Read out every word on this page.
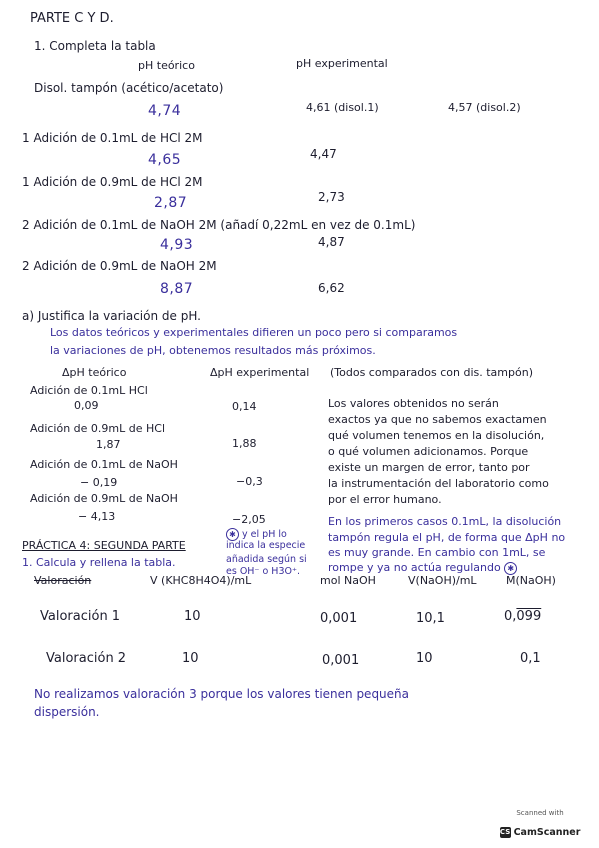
PARTE C Y D.
1. Completa la tabla
pH teórico	pH experimental
Disol. tampón (acético/acetato)
4,74	4,61 (disol.1)	4,57 (disol.2)
1 Adición de 0.1mL de HCl 2M
4,65	4,47
1 Adición de 0.9mL de HCl 2M
2,87	2,73
2 Adición de 0.1mL de NaOH 2M (añadí 0,22mL en vez de 0.1mL)
4,93	4,87
2 Adición de 0.9mL de NaOH 2M
8,87	6,62
a) Justifica la variación de pH.
Los datos teóricos y experimentales difieren un poco pero si comparamos
la variaciones de pH, obtenemos resultados más próximos.
ΔpH teórico	ΔpH experimental (Todos comparados con dis. tampón)
Adición de 0.1mL HCl
0,09	0,14
Adición de 0.9mL de HCl
1,87	1,88
Adición de 0.1mL de NaOH
− 0,19	−0,3
Adición de 0.9mL de NaOH
− 4,13	−2,05
Los valores obtenidos no serán
exactos ya que no sabemos exactamen
qué volumen tenemos en la disolución,
o qué volumen adicionamos. Porque
existe un margen de error, tanto por
la instrumentación del laboratorio como
por el error humano.
En los primeros casos 0.1mL, la disolución
tampón regula el pH, de forma que ΔpH no
es muy grande. En cambio con 1mL, se
rompe y ya no actúa regulando ✱
✱ y el pH lo
indica la especie
añadida según si
es OH⁻ o H3O⁺.
PRÁCTICA 4: SEGUNDA PARTE
1. Calcula y rellena la tabla.
Valoración	V (KHC8H4O4)/mL	mol NaOH	V(NaOH)/mL	M(NaOH)
Valoración 1	10	0,001	10,1	0,099
Valoración 2	10	0,001	10	0,1
No realizamos valoración 3 porque los valores tienen pequeña
dispersión.
Scanned with
CS CamScanner
